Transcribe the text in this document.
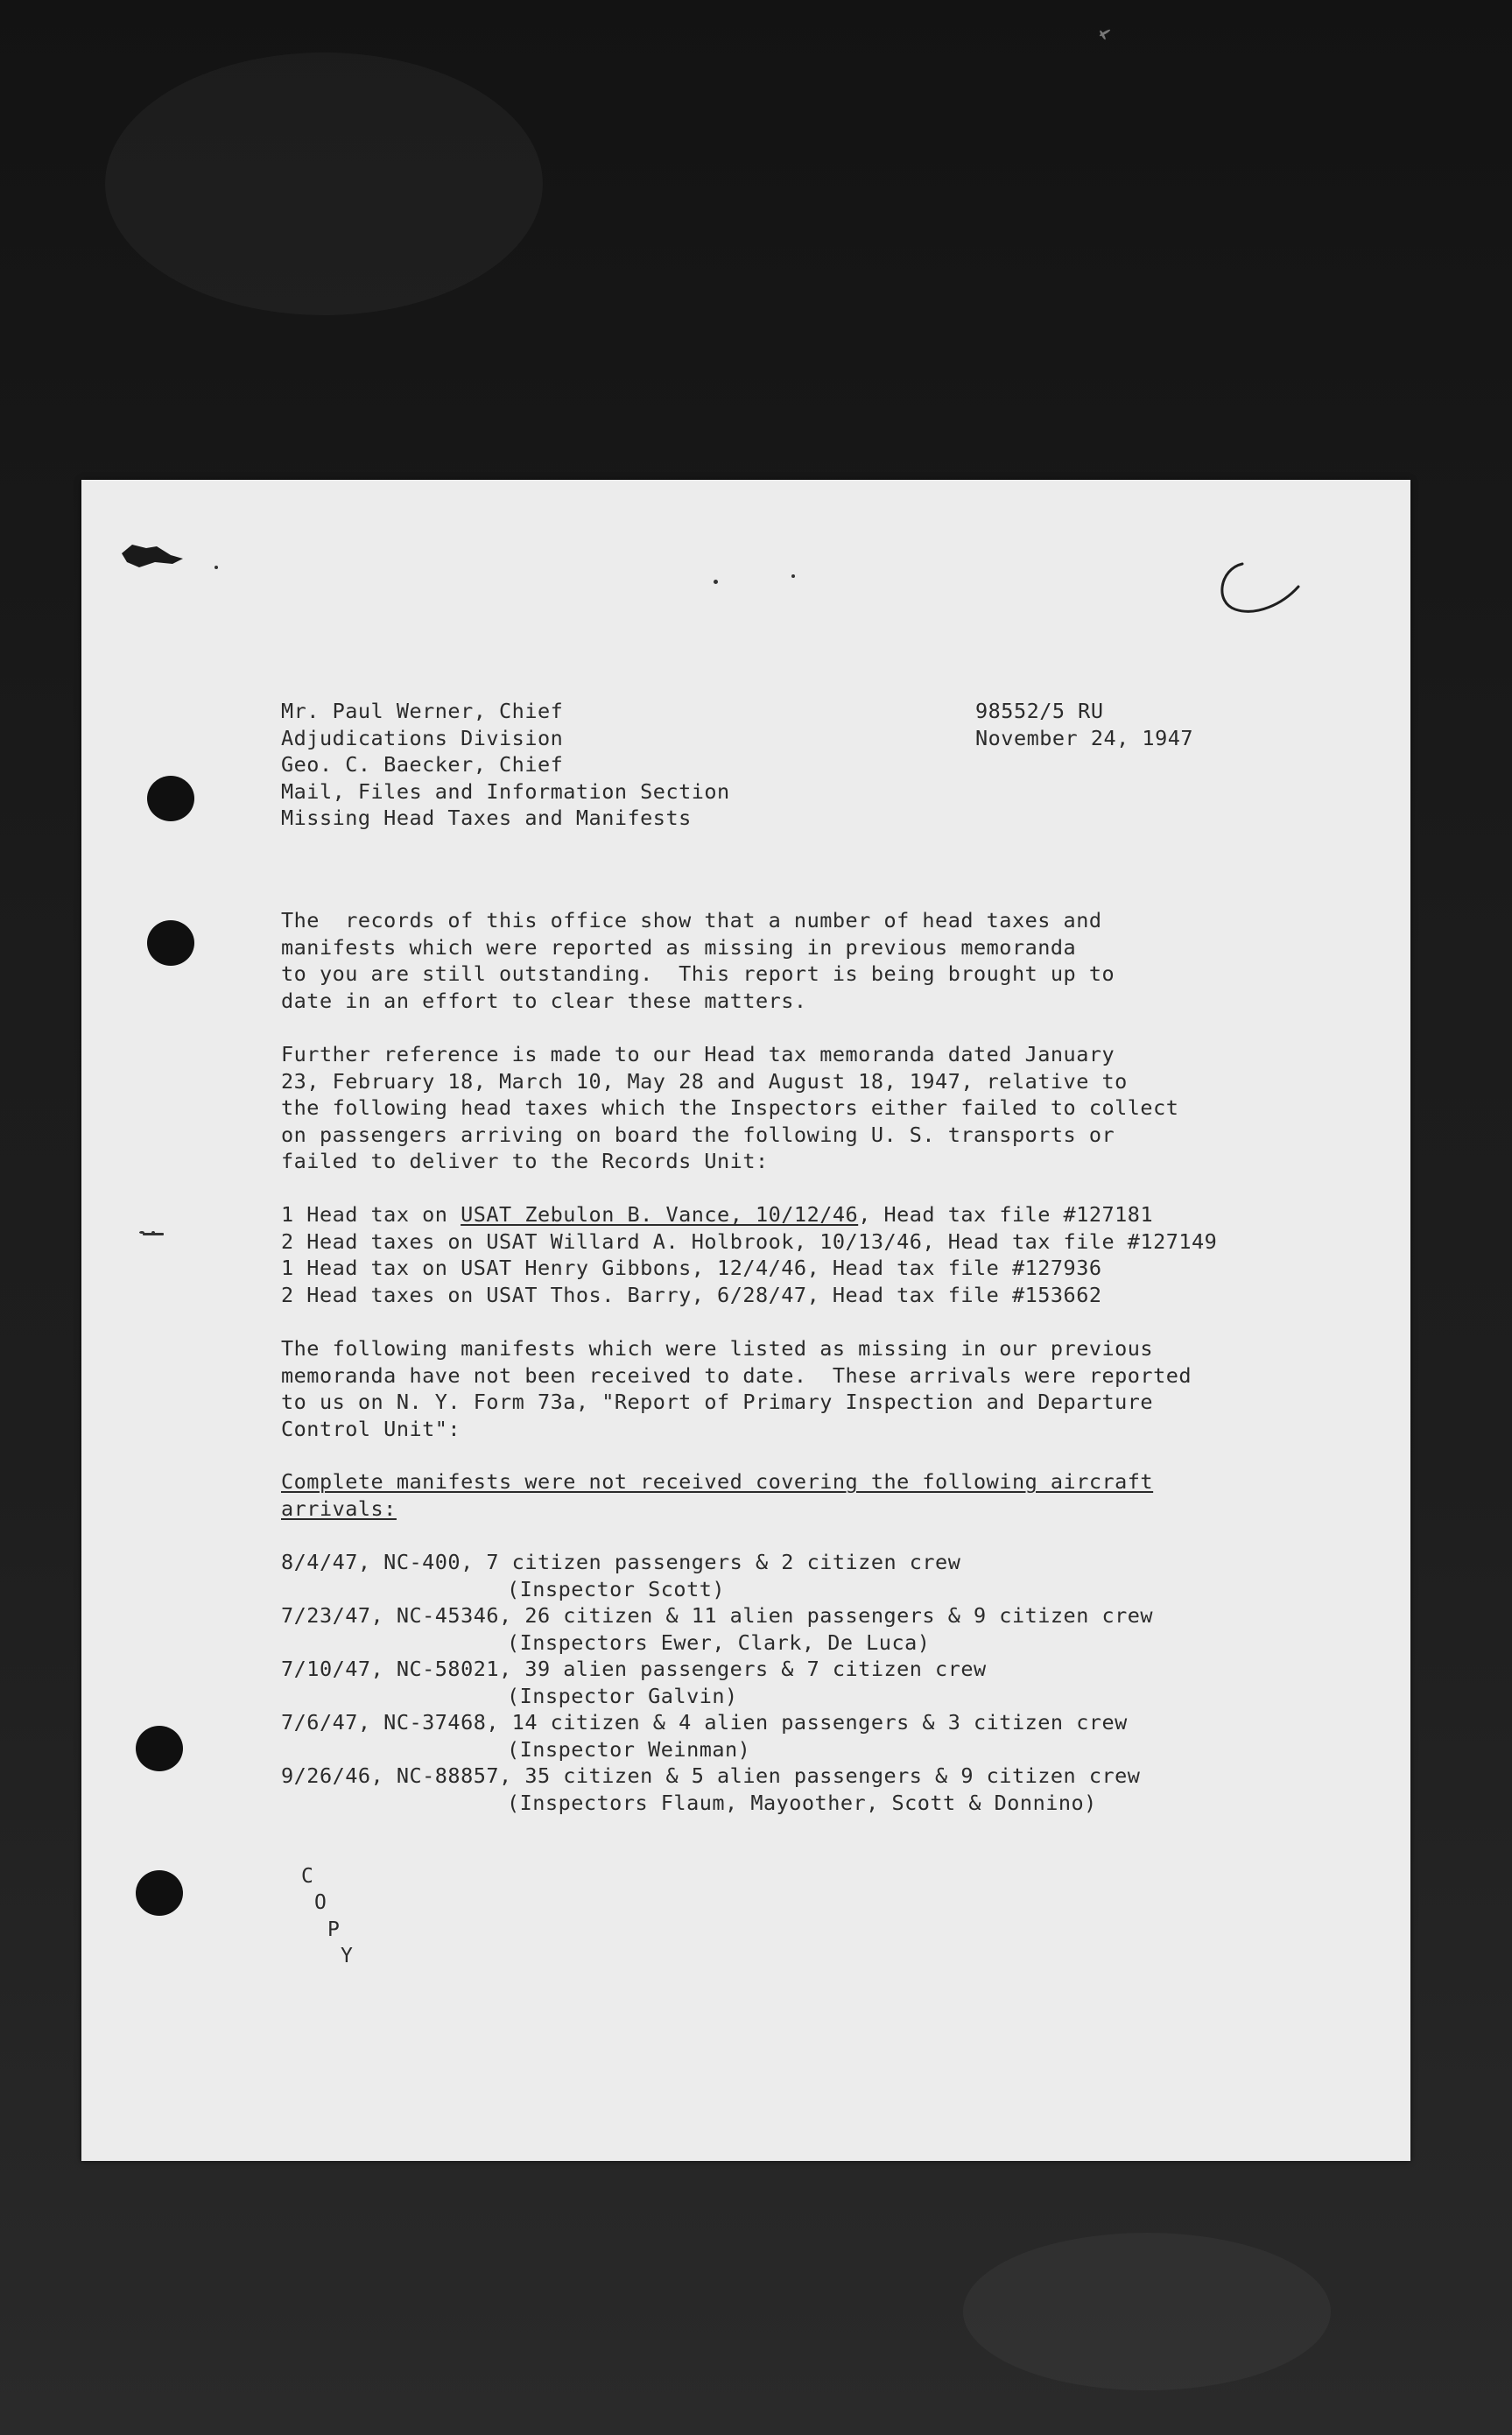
Mr. Paul Werner, Chief
Adjudications Division
Geo. C. Baecker, Chief
Mail, Files and Information Section
Missing Head Taxes and Manifests
98552/5 RU
November 24, 1947
The  records of this office show that a number of head taxes and
manifests which were reported as missing in previous memoranda
to you are still outstanding.  This report is being brought up to
date in an effort to clear these matters.
Further reference is made to our Head tax memoranda dated January
23, February 18, March 10, May 28 and August 18, 1947, relative to
the following head taxes which the Inspectors either failed to collect
on passengers arriving on board the following U. S. transports or
failed to deliver to the Records Unit:
1 Head tax on USAT Zebulon B. Vance, 10/12/46, Head tax file #127181
2 Head taxes on USAT Willard A. Holbrook, 10/13/46, Head tax file #127149
1 Head tax on USAT Henry Gibbons, 12/4/46, Head tax file #127936
2 Head taxes on USAT Thos. Barry, 6/28/47, Head tax file #153662
The following manifests which were listed as missing in our previous
memoranda have not been received to date.  These arrivals were reported
to us on N. Y. Form 73a, "Report of Primary Inspection and Departure
Control Unit":
Complete manifests were not received covering the following aircraft
arrivals:
8/4/47, NC-400, 7 citizen passengers & 2 citizen crew
(Inspector Scott)
7/23/47, NC-45346, 26 citizen & 11 alien passengers & 9 citizen crew
(Inspectors Ewer, Clark, De Luca)
7/10/47, NC-58021, 39 alien passengers & 7 citizen crew
(Inspector Galvin)
7/6/47, NC-37468, 14 citizen & 4 alien passengers & 3 citizen crew
(Inspector Weinman)
9/26/46, NC-88857, 35 citizen & 5 alien passengers & 9 citizen crew
(Inspectors Flaum, Mayoother, Scott & Donnino)
C
O
P
Y
